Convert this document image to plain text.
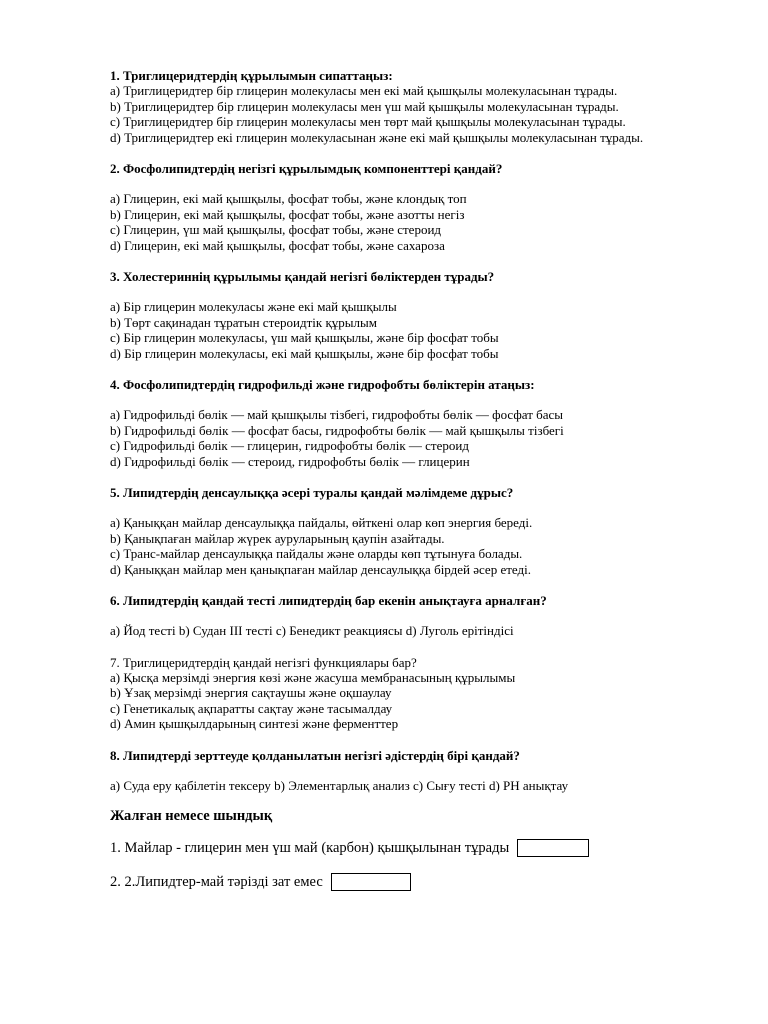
1. Триглицеридтердің құрылымын сипаттаңыз:

a) Триглицеридтер бір глицерин молекуласы мен екі май қышқылы молекуласынан тұрады.
b) Триглицеридтер бір глицерин молекуласы мен үш май қышқылы молекуласынан тұрады.
c) Триглицеридтер бір глицерин молекуласы мен төрт май қышқылы молекуласынан тұрады.
d) Триглицеридтер екі глицерин молекуласынан және екі май қышқылы молекуласынан тұрады.

2. Фосфолипидтердің негізгі құрылымдық компоненттері қандай?

a) Глицерин, екі май қышқылы, фосфат тобы, және клондық топ
b) Глицерин, екі май қышқылы, фосфат тобы, және азотты негіз
c) Глицерин, үш май қышқылы, фосфат тобы, және стероид
d) Глицерин, екі май қышқылы, фосфат тобы, және сахароза

3. Холестериннің құрылымы қандай негізгі бөліктерден тұрады?

a) Бір глицерин молекуласы және екі май қышқылы
b) Төрт сақинадан тұратын стероидтік құрылым
c) Бір глицерин молекуласы, үш май қышқылы, және бір фосфат тобы
d) Бір глицерин молекуласы, екі май қышқылы, және бір фосфат тобы

4. Фосфолипидтердің гидрофильді және гидрофобты бөліктерін атаңыз:

a) Гидрофильді бөлік — май қышқылы тізбегі, гидрофобты бөлік — фосфат басы
b) Гидрофильді бөлік — фосфат басы, гидрофобты бөлік — май қышқылы тізбегі
c) Гидрофильді бөлік — глицерин, гидрофобты бөлік — стероид
d) Гидрофильді бөлік — стероид, гидрофобты бөлік — глицерин

5. Липидтердің денсаулыққа әсері туралы қандай мәлімдеме дұрыс?

a) Қаныққан майлар денсаулыққа пайдалы, өйткені олар көп энергия береді.
b) Қанықпаған майлар жүрек ауруларының қаупін азайтады.
c) Транс-майлар денсаулыққа пайдалы және оларды көп тұтынуға болады.
d) Қаныққан майлар мен қанықпаған майлар денсаулыққа бірдей әсер етеді.

6. Липидтердің қандай тесті липидтердің бар екенін анықтауға арналған?

а) Йод тесті b) Судан III тесті c) Бенедикт реакциясы d) Луголь ерітіндісі

7. Триглицеридтердің қандай негізгі функциялары бар?

a) Қысқа мерзімді энергия көзі және жасуша мембранасының құрылымы
b) Ұзақ мерзімді энергия сақтаушы және оқшаулау
c) Генетикалық ақпаратты сақтау және тасымалдау
d) Амин қышқылдарының синтезі және ферменттер

8. Липидтерді зерттеуде қолданылатын негізгі әдістердің бірі қандай?

a) Суда еру қабілетін тексеру b) Элементарлық анализ c) Сығу тесті d) PH анықтау

Жалған немесе шындық

1. Майлар - глицерин мен үш май (карбон) қышқылынан тұрады
2. 2.Липидтер-май тәрізді зат емес
